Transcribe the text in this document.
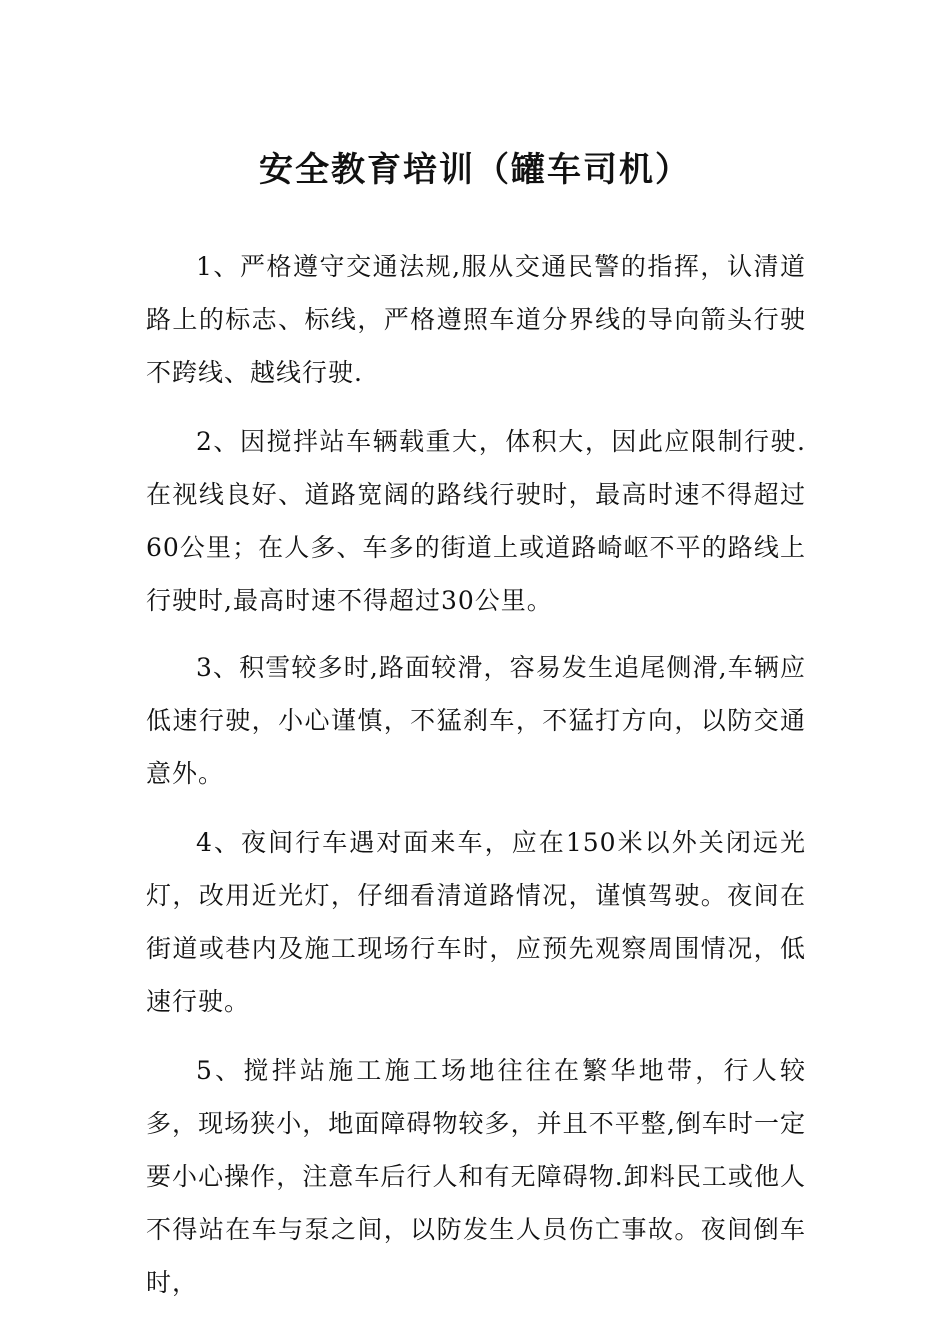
安全教育培训（罐车司机）

1、严格遵守交通法规,服从交通民警的指挥，认清道路上的标志、标线，严格遵照车道分界线的导向箭头行驶不跨线、越线行驶.

2、因搅拌站车辆载重大，体积大，因此应限制行驶.在视线良好、道路宽阔的路线行驶时，最高时速不得超过60公里；在人多、车多的街道上或道路崎岖不平的路线上行驶时,最高时速不得超过30公里。

3、积雪较多时,路面较滑，容易发生追尾侧滑,车辆应低速行驶，小心谨慎，不猛刹车，不猛打方向，以防交通意外。

4、夜间行车遇对面来车，应在150米以外关闭远光灯，改用近光灯，仔细看清道路情况，谨慎驾驶。夜间在街道或巷内及施工现场行车时，应预先观察周围情况，低速行驶。

5、搅拌站施工施工场地往往在繁华地带，行人较多，现场狭小，地面障碍物较多，并且不平整,倒车时一定要小心操作，注意车后行人和有无障碍物.卸料民工或他人不得站在车与泵之间，以防发生人员伤亡事故。夜间倒车时，
